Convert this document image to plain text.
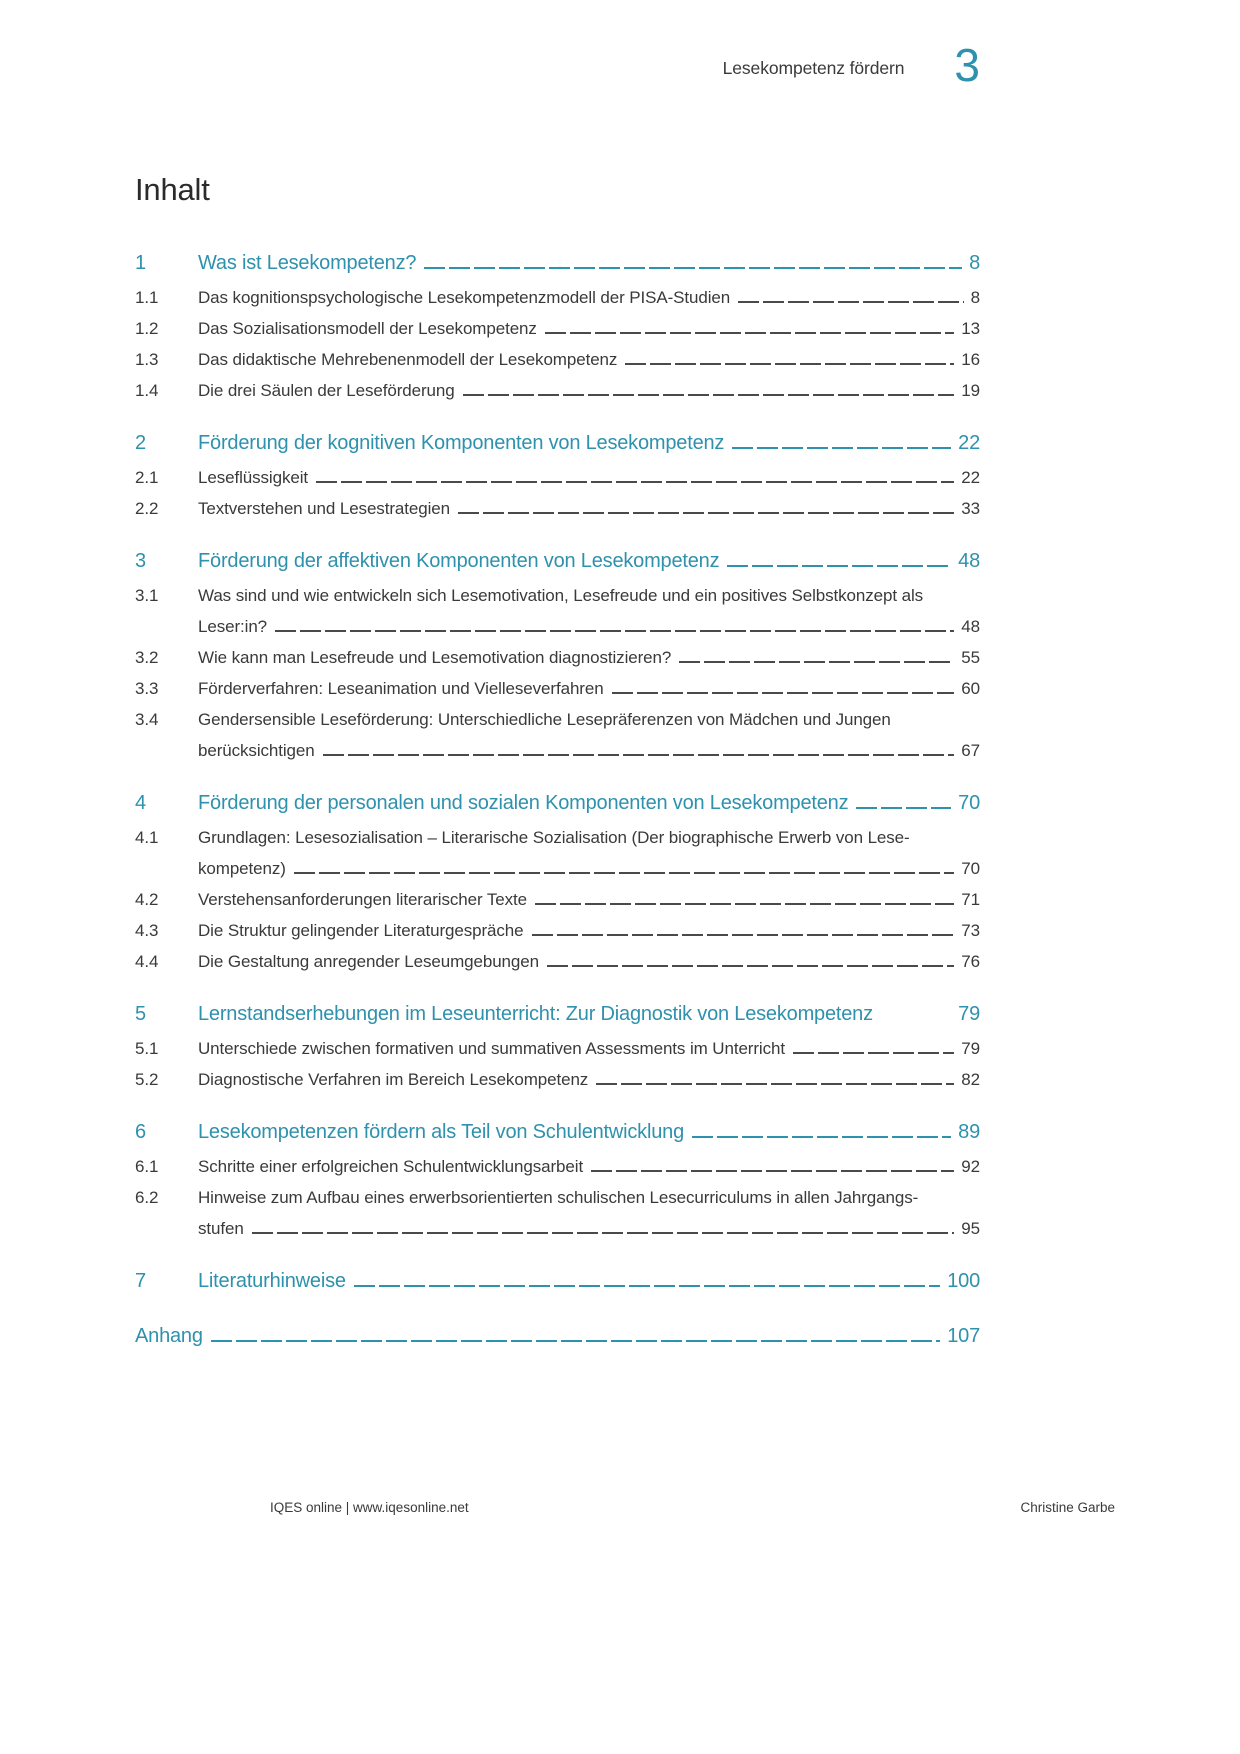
Lesekompetenz fördern 3
Inhalt
1	Was ist Lesekompetenz?	8
1.1	Das kognitionspsychologische Lesekompetenzmodell der PISA-Studien	8
1.2	Das Sozialisationsmodell der Lesekompetenz	13
1.3	Das didaktische Mehrebenenmodell der Lesekompetenz	16
1.4	Die drei Säulen der Leseförderung	19
2	Förderung der kognitiven Komponenten von Lesekompetenz	22
2.1	Leseflüssigkeit	22
2.2	Textverstehen und Lesestrategien	33
3	Förderung der affektiven Komponenten von Lesekompetenz	48
3.1	Was sind und wie entwickeln sich Lesemotivation, Lesefreude und ein positives Selbstkonzept als
Leser:in?	48
3.2	Wie kann man Lesefreude und Lesemotivation diagnostizieren?	55
3.3	Förderverfahren: Leseanimation und Vielleseverfahren	60
3.4	Gendersensible Leseförderung: Unterschiedliche Lesepräferenzen von Mädchen und Jungen
berücksichtigen	67
4	Förderung der personalen und sozialen Komponenten von Lesekompetenz	70
4.1	Grundlagen: Lesesozialisation – Literarische Sozialisation (Der biographische Erwerb von Lese-
kompetenz)	70
4.2	Verstehensanforderungen literarischer Texte	71
4.3	Die Struktur gelingender Literaturgespräche	73
4.4	Die Gestaltung anregender Leseumgebungen	76
5	Lernstandserhebungen im Leseunterricht: Zur Diagnostik von Lesekompetenz	79
5.1	Unterschiede zwischen formativen und summativen Assessments im Unterricht	79
5.2	Diagnostische Verfahren im Bereich Lesekompetenz	82
6	Lesekompetenzen fördern als Teil von Schulentwicklung	89
6.1	Schritte einer erfolgreichen Schulentwicklungsarbeit	92
6.2	Hinweise zum Aufbau eines erwerbsorientierten schulischen Lesecurriculums in allen Jahrgangs-
stufen	95
7	Literaturhinweise	100
Anhang	107
IQES online | www.iqesonline.net	Christine Garbe
